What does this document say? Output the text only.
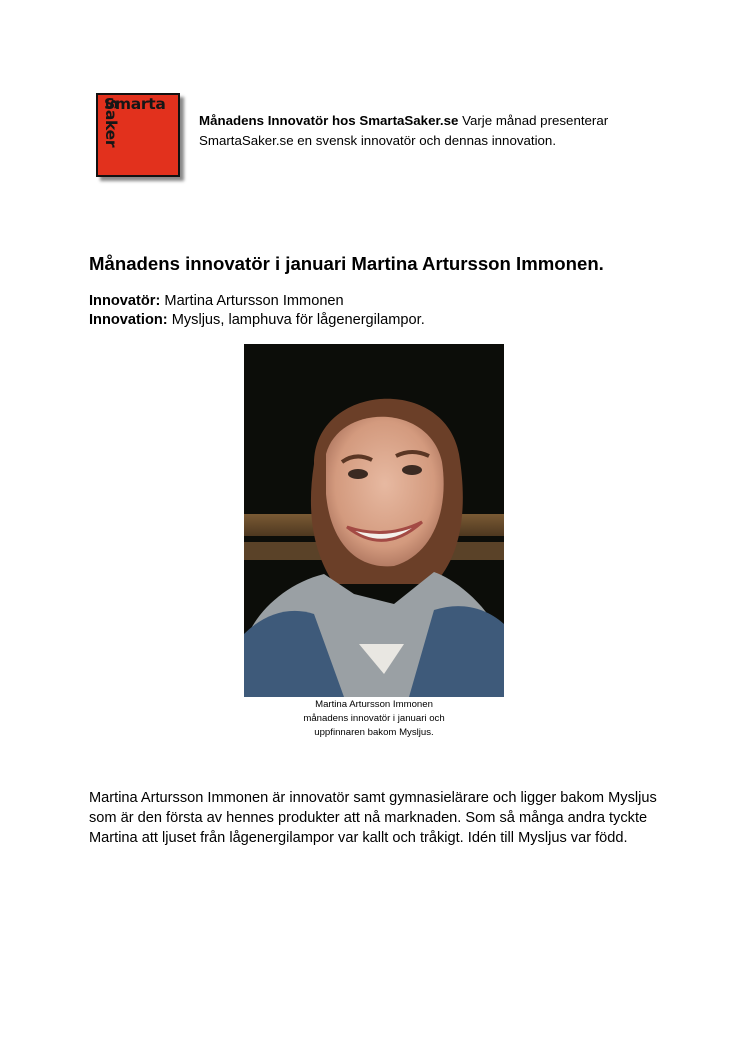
Smarta
Saker	Månadens Innovatör hos SmartaSaker.se Varje månad presenterar SmartaSaker.se en svensk innovatör och dennas innovation.
Månadens innovatör i januari Martina Artursson Immonen.
Innovatör: Martina Artursson Immonen
Innovation: Mysljus, lamphuva för lågenergilampor.
Martina Artursson Immonen
månadens innovatör i januari och
uppfinnaren bakom Mysljus.
Martina Artursson Immonen är innovatör samt gymnasielärare och ligger bakom Mysljus som är den första av hennes produkter att nå marknaden. Som så många andra tyckte Martina att ljuset från lågenergilampor var kallt och tråkigt. Idén till Mysljus var född.
